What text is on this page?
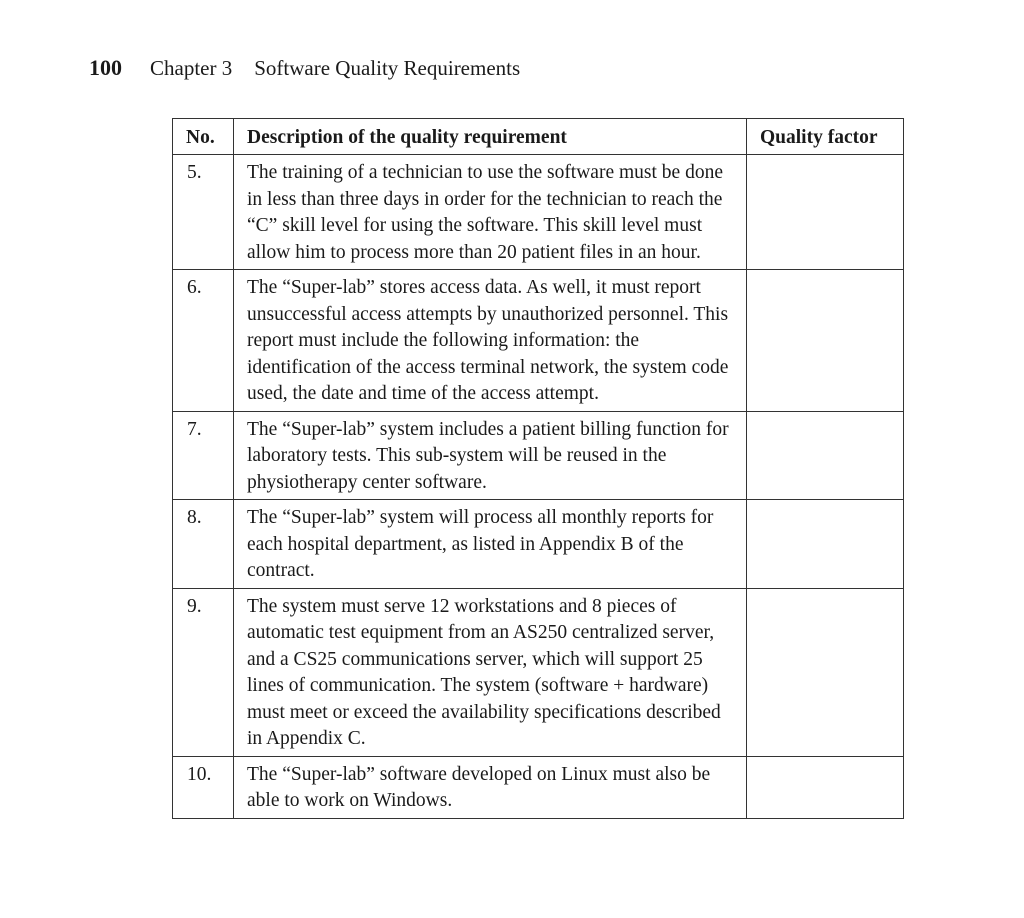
100 Chapter 3 Software Quality Requirements
No.	Description of the quality requirement	Quality factor
5.	The training of a technician to use the software must be done in less than three days in order for the technician to reach the “C” skill level for using the software. This skill level must allow him to process more than 20 patient files in an hour.	
6.	The “Super-lab” stores access data. As well, it must report unsuccessful access attempts by unauthorized personnel. This report must include the following information: the identification of the access terminal network, the system code used, the date and time of the access attempt.	
7.	The “Super-lab” system includes a patient billing function for laboratory tests. This sub-system will be reused in the physiotherapy center software.	
8.	The “Super-lab” system will process all monthly reports for each hospital department, as listed in Appendix B of the contract.	
9.	The system must serve 12 workstations and 8 pieces of automatic test equipment from an AS250 centralized server, and a CS25 communications server, which will support 25 lines of communication. The system (software + hardware) must meet or exceed the availability specifications described in Appendix C.	
10.	The “Super-lab” software developed on Linux must also be able to work on Windows.	
